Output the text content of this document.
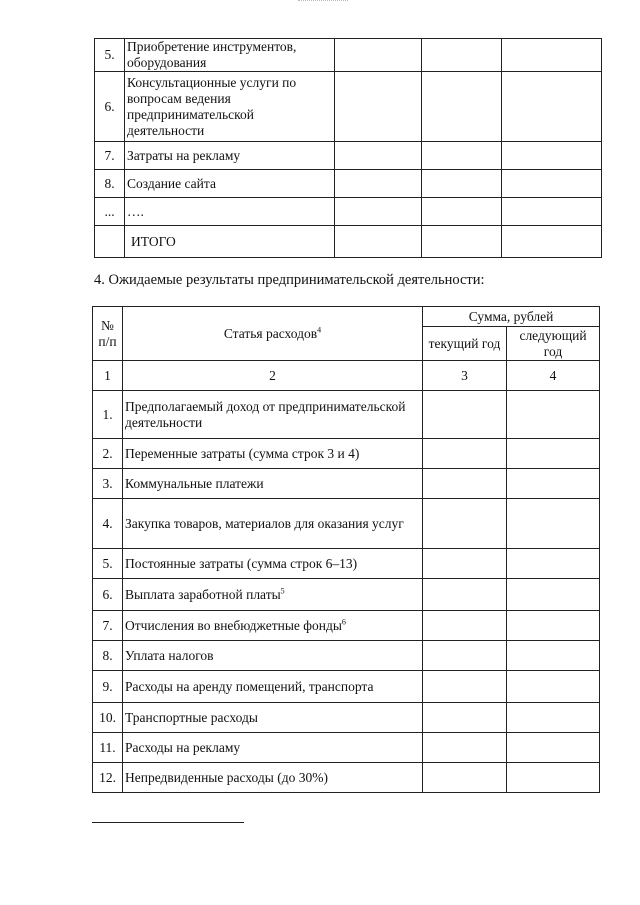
5.	Приобретение инструментов, оборудования			
6.	Консультационные услуги по вопросам ведения предпринимательской деятельности			
7.	Затраты на рекламу			
8.	Создание сайта			
...	….			
	ИТОГО			
4. Ожидаемые результаты предпринимательской деятельности:
№ п/п	Статья расходов$^4$	Сумма, рублей	
		текущий год	следующий год
1	2	3	4
1.	Предполагаемый доход от предпринимательской деятельности		
2.	Переменные затраты (сумма строк 3 и 4)		
3.	Коммунальные платежи		
4.	Закупка товаров, материалов для оказания услуг		
5.	Постоянные затраты (сумма строк 6–13)		
6.	Выплата заработной платы$^5$		
7.	Отчисления во внебюджетные фонды$^6$		
8.	Уплата налогов		
9.	Расходы на аренду помещений, транспорта		
10.	Транспортные расходы		
11.	Расходы на рекламу		
12.	Непредвиденные расходы (до 30%)		
